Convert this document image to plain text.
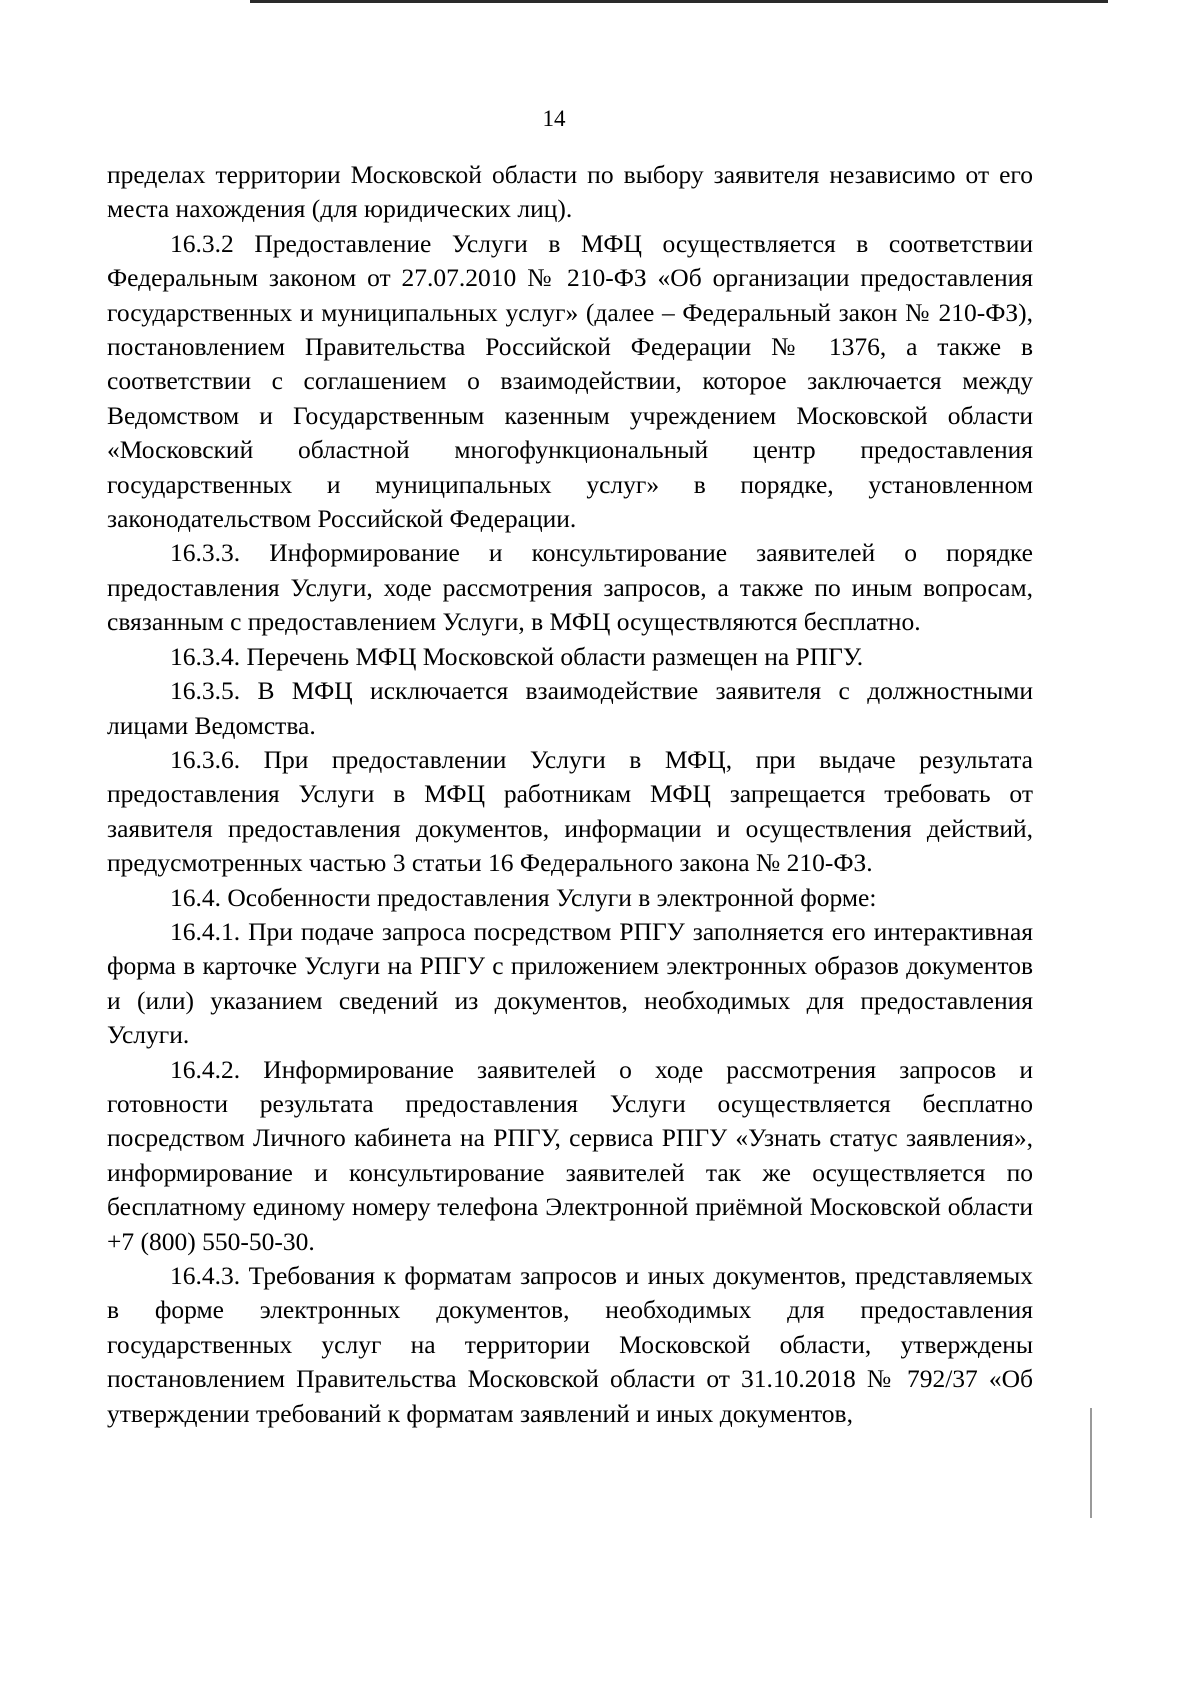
14

пределах территории Московской области по выбору заявителя независимо от его места нахождения (для юридических лиц).

16.3.2 Предоставление Услуги в МФЦ осуществляется в соответствии Федеральным законом от 27.07.2010 № 210-ФЗ «Об организации предоставления государственных и муниципальных услуг» (далее – Федеральный закон № 210-ФЗ), постановлением Правительства Российской Федерации № 1376, а также в соответствии с соглашением о взаимодействии, которое заключается между Ведомством и Государственным казенным учреждением Московской области «Московский областной многофункциональный центр предоставления государственных и муниципальных услуг» в порядке, установленном законодательством Российской Федерации.

16.3.3. Информирование и консультирование заявителей о порядке предоставления Услуги, ходе рассмотрения запросов, а также по иным вопросам, связанным с предоставлением Услуги, в МФЦ осуществляются бесплатно.

16.3.4. Перечень МФЦ Московской области размещен на РПГУ.

16.3.5. В МФЦ исключается взаимодействие заявителя с должностными лицами Ведомства.

16.3.6. При предоставлении Услуги в МФЦ, при выдаче результата предоставления Услуги в МФЦ работникам МФЦ запрещается требовать от заявителя предоставления документов, информации и осуществления действий, предусмотренных частью 3 статьи 16 Федерального закона № 210-ФЗ.

16.4. Особенности предоставления Услуги в электронной форме:

16.4.1. При подаче запроса посредством РПГУ заполняется его интерактивная форма в карточке Услуги на РПГУ с приложением электронных образов документов и (или) указанием сведений из документов, необходимых для предоставления Услуги.

16.4.2. Информирование заявителей о ходе рассмотрения запросов и готовности результата предоставления Услуги осуществляется бесплатно посредством Личного кабинета на РПГУ, сервиса РПГУ «Узнать статус заявления», информирование и консультирование заявителей так же осуществляется по бесплатному единому номеру телефона Электронной приёмной Московской области +7 (800) 550-50-30.

16.4.3. Требования к форматам запросов и иных документов, представляемых в форме электронных документов, необходимых для предоставления государственных услуг на территории Московской области, утверждены постановлением Правительства Московской области от 31.10.2018 № 792/37 «Об утверждении требований к форматам заявлений и иных документов,
